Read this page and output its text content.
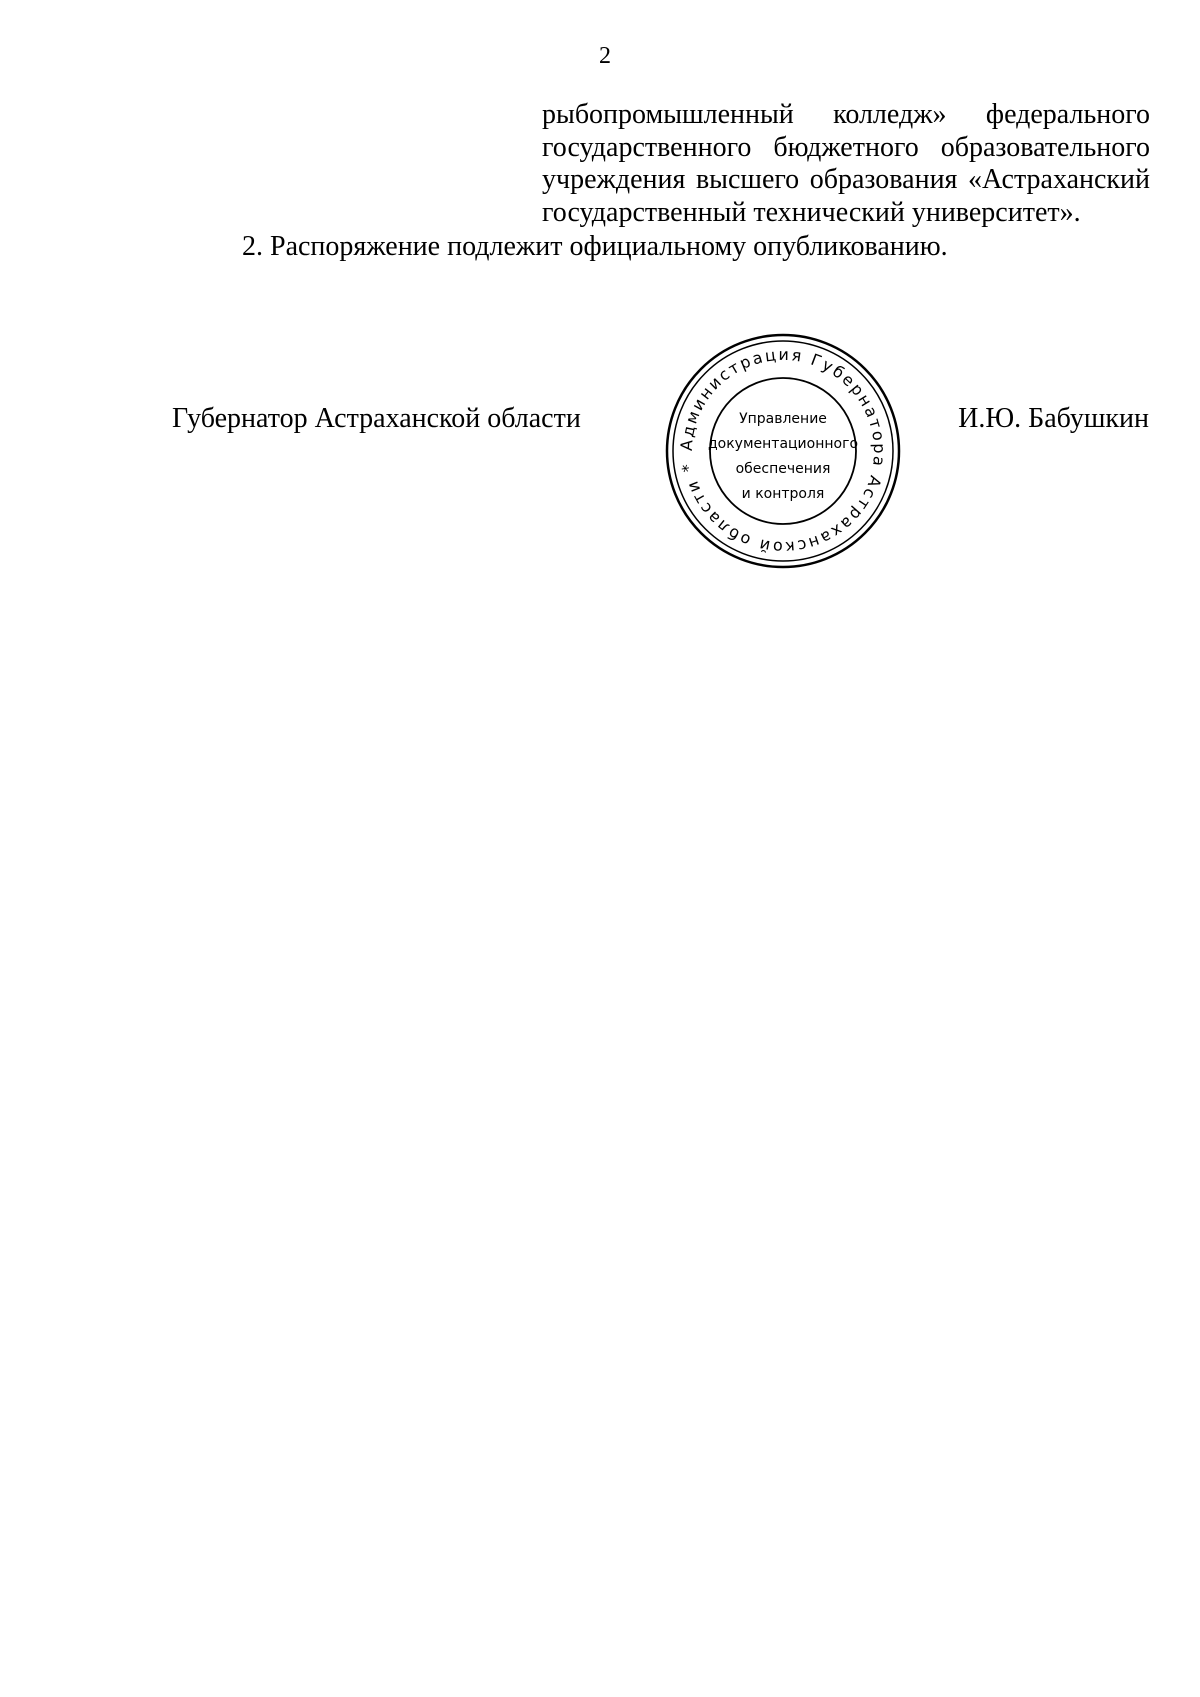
2
рыбопромышленный колледж» федерального
государственного бюджетного образовательного
учреждения высшего образования «Астраханский
государственный технический университет».
2. Распоряжение подлежит официальному опубликованию.
Губернатор Астраханской области
Администрация Губернатора Астраханской области *
Управление
документационного
обеспечения
и контроля
И.Ю. Бабушкин
